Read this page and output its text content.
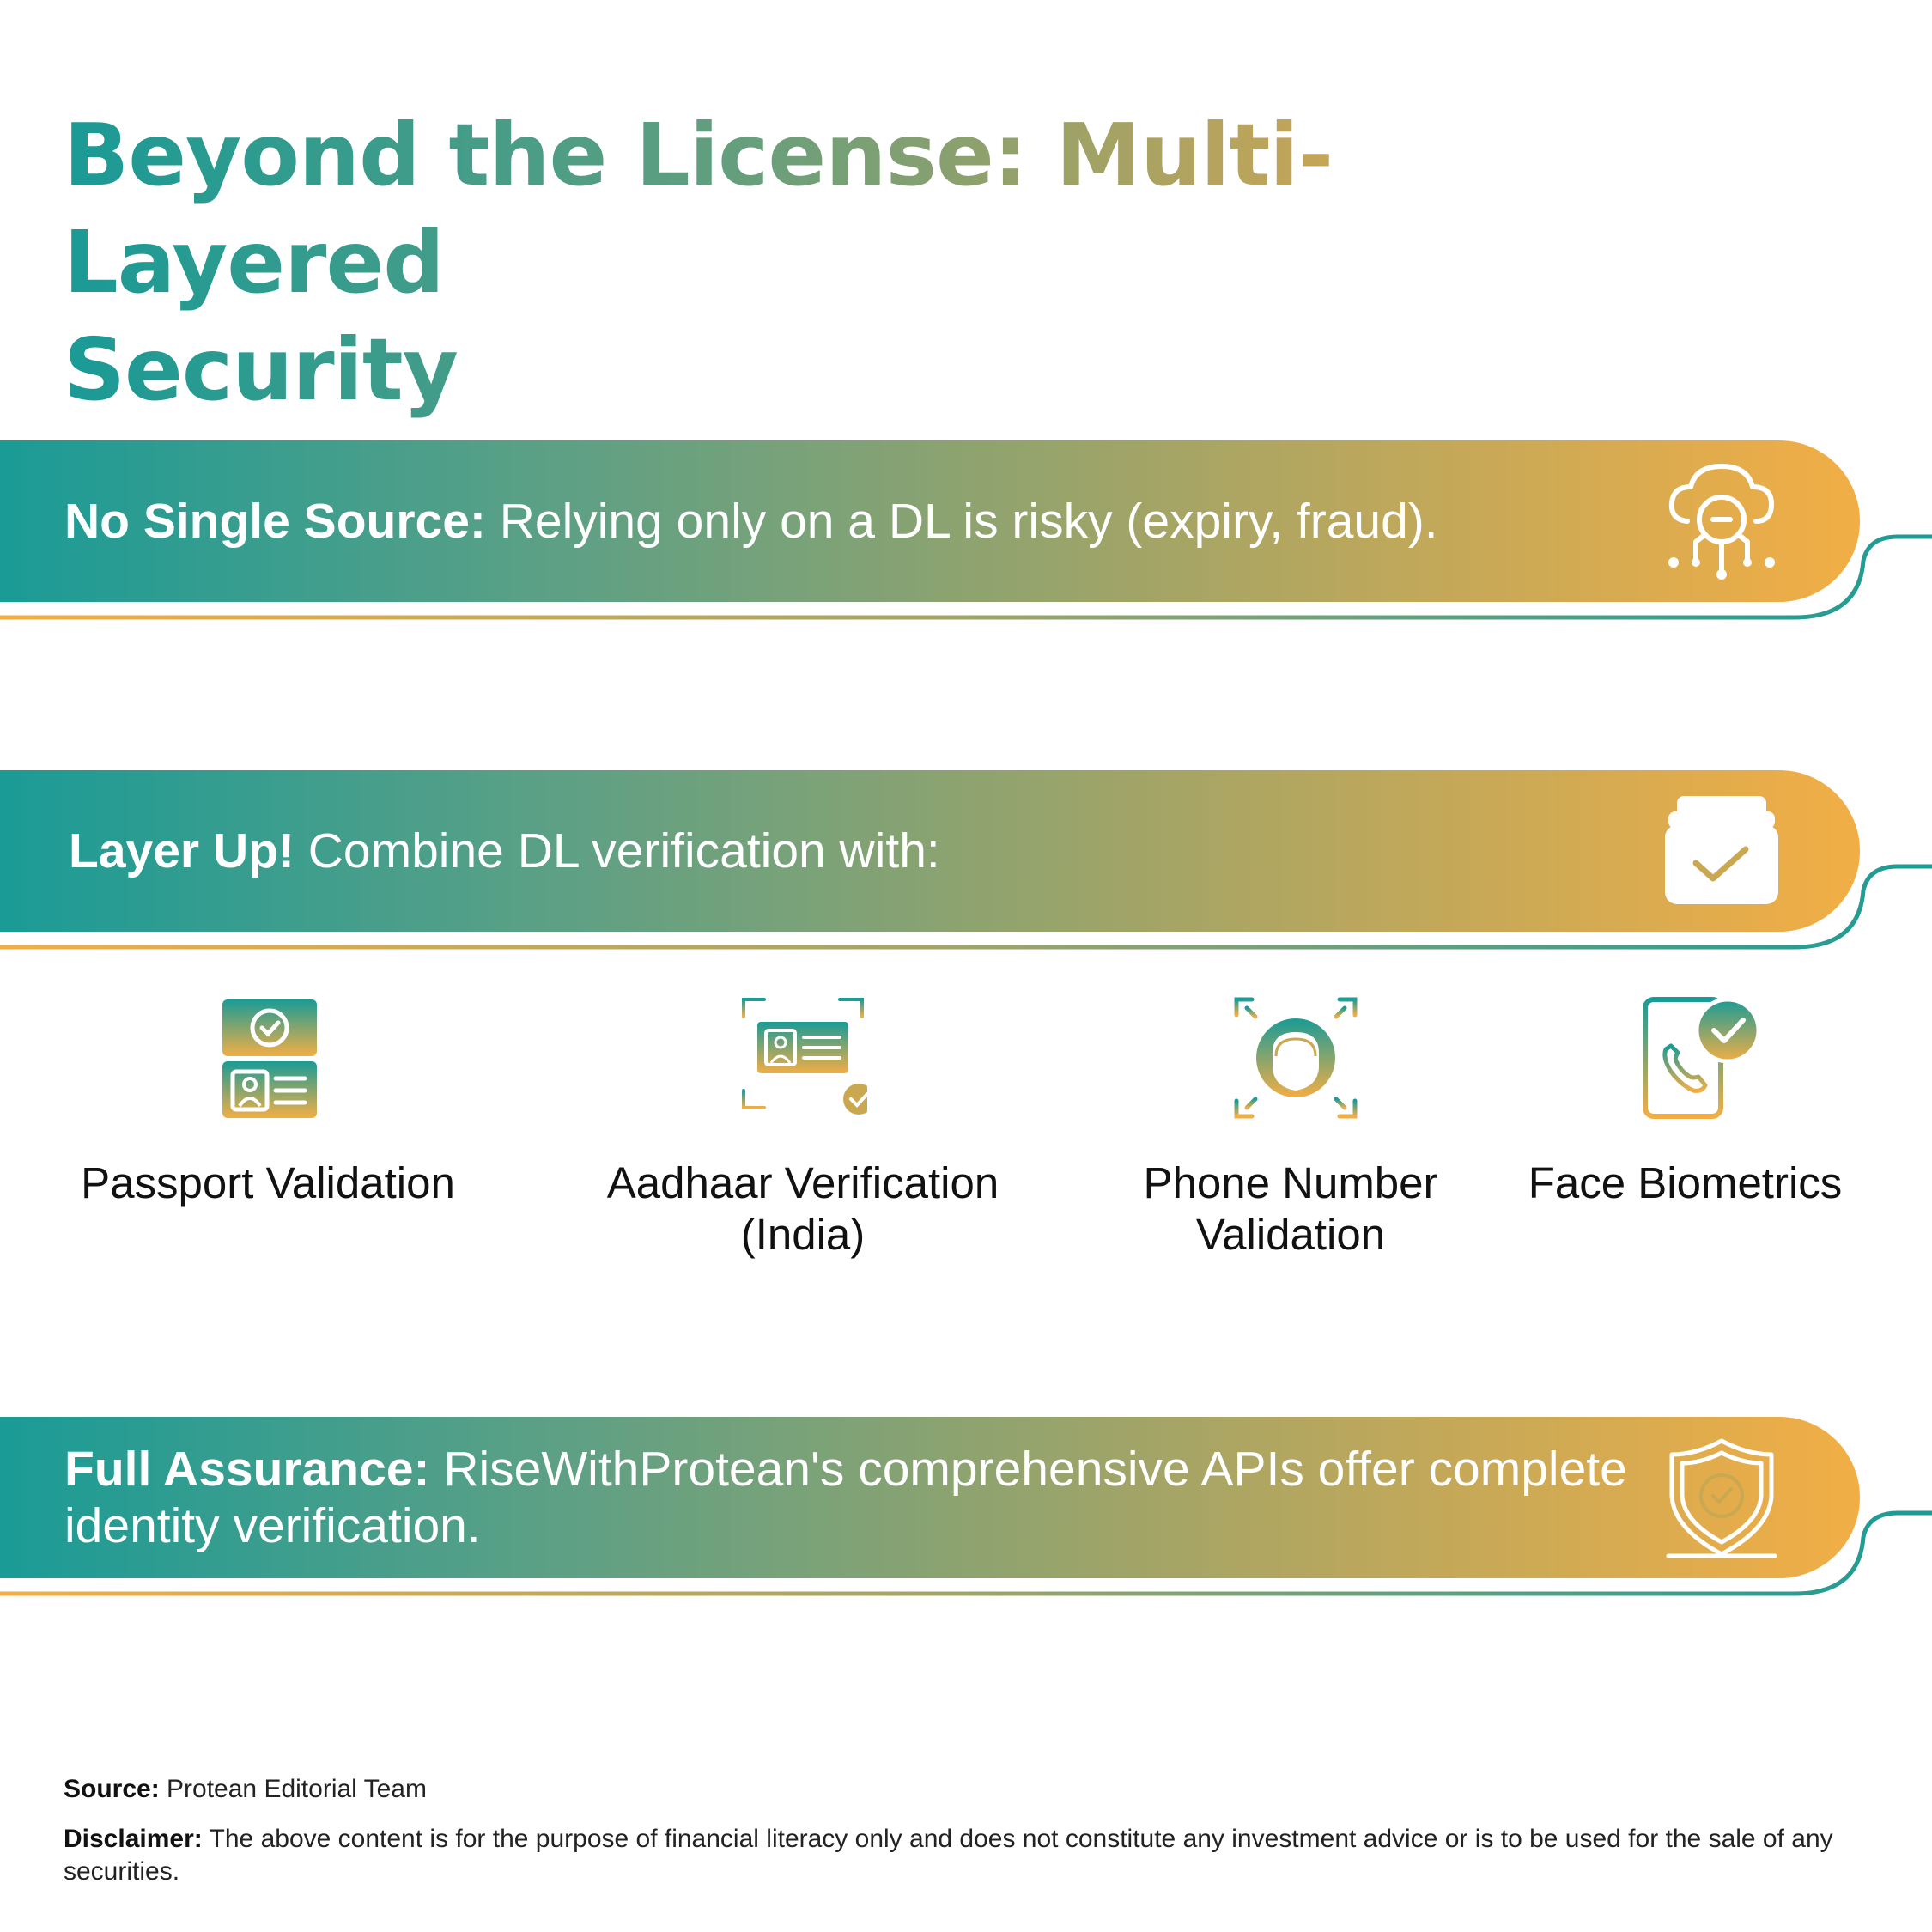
Beyond the License: Multi-Layered
Security
No Single Source: Relying only on a DL is risky (expiry, fraud).
Layer Up! Combine DL verification with:
Passport Validation	Aadhaar Verification (India)
Phone Number Validation
Face Biometrics
Full Assurance: RiseWithProtean's comprehensive APIs offer complete identity verification.
Source: Protean Editorial Team
Disclaimer: The above content is for the purpose of financial literacy only and does not constitute any investment advice or is to be used for the sale of any securities.
